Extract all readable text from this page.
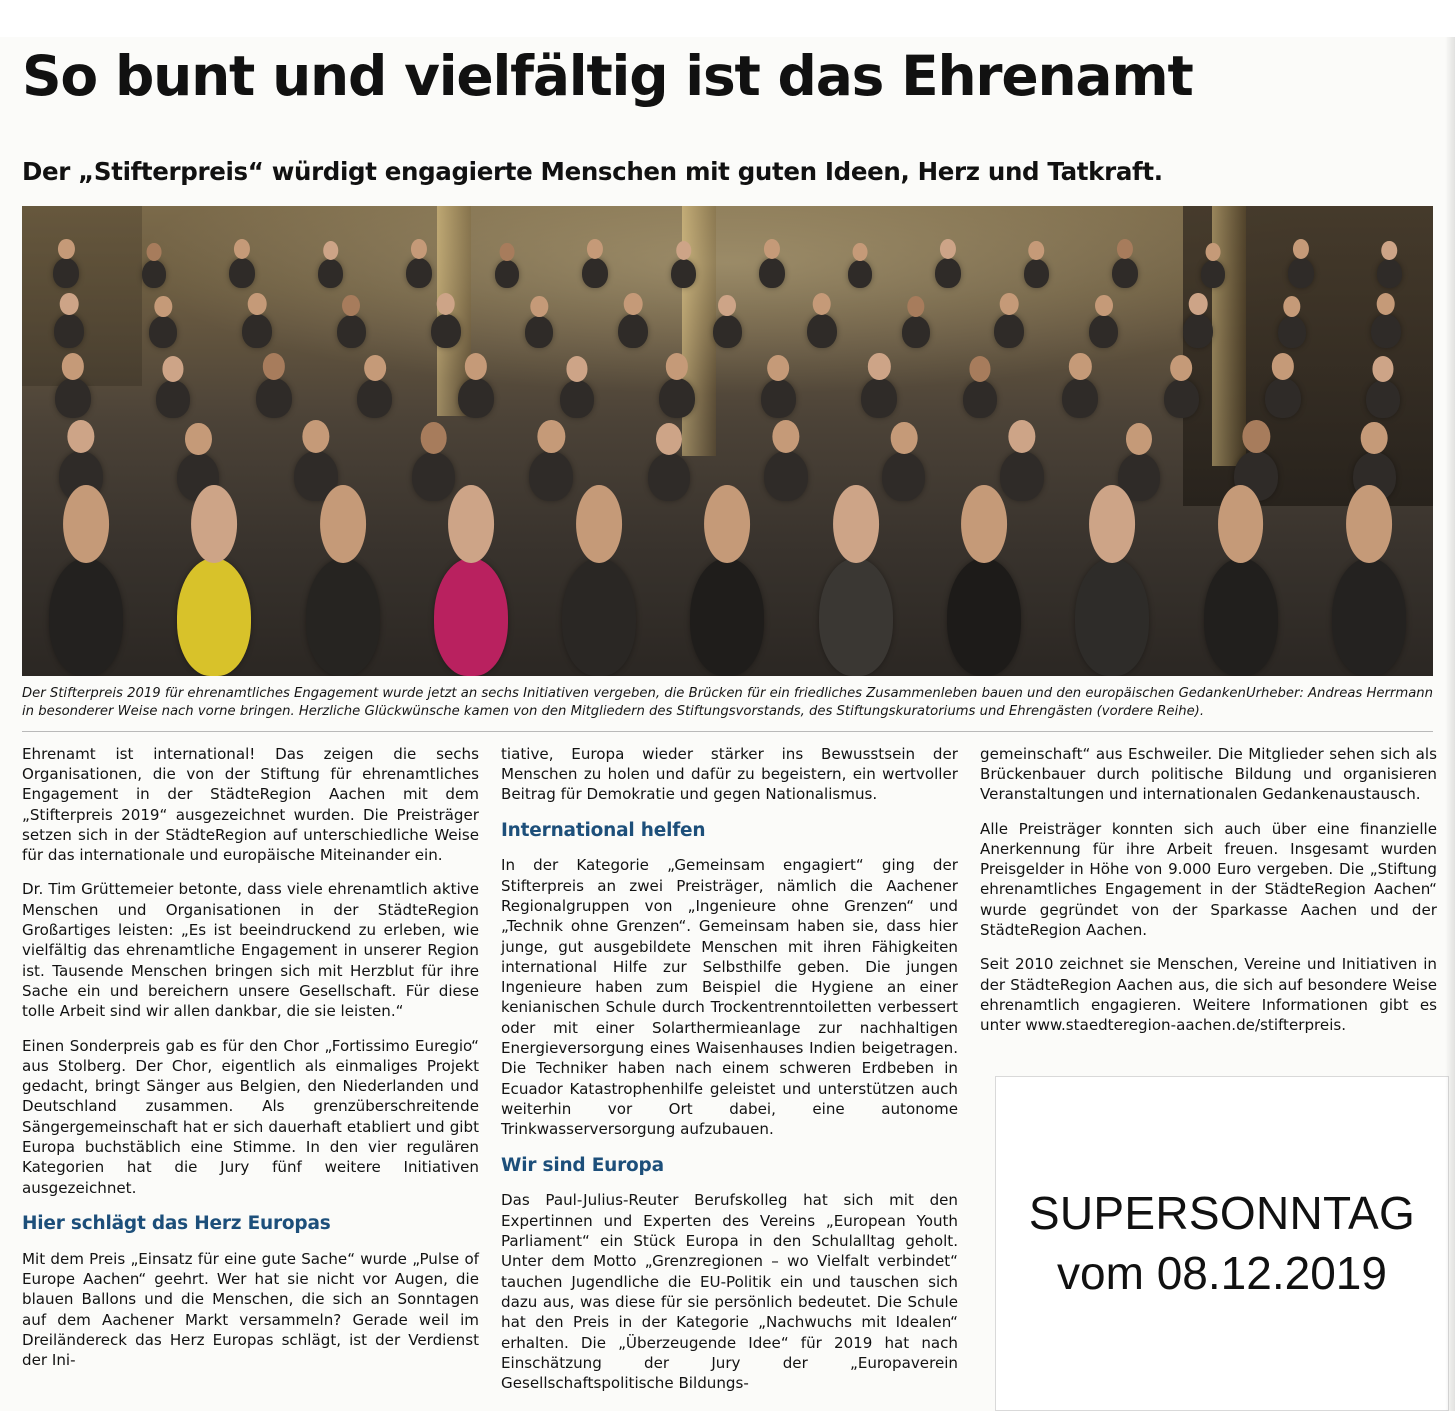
So bunt und vielfältig ist das Ehrenamt
Der „Stifterpreis“ würdigt engagierte Menschen mit guten Ideen, Herz und Tatkraft.
Urheber: Andreas Herrmann
Der Stifterpreis 2019 für ehrenamtliches Engagement wurde jetzt an sechs Initiativen vergeben, die Brücken für ein friedliches Zusammenleben bauen und den europäischen Gedanken in besonderer Weise nach vorne bringen. Herzliche Glückwünsche kamen von den Mitgliedern des Stiftungsvorstands, des Stiftungskuratoriums und Ehrengästen (vordere Reihe).

Ehrenamt ist international! Das zeigen die sechs Organisationen, die von der Stiftung für ehrenamtliches Engagement in der StädteRegion Aachen mit dem „Stifterpreis 2019“ ausgezeichnet wurden. Die Preisträger setzen sich in der StädteRegion auf unterschiedliche Weise für das internationale und europäische Miteinander ein.

Dr. Tim Grüttemeier betonte, dass viele ehrenamtlich aktive Menschen und Organisationen in der StädteRegion Großartiges leisten: „Es ist beeindruckend zu erleben, wie vielfältig das ehrenamtliche Engagement in unserer Region ist. Tausende Menschen bringen sich mit Herzblut für ihre Sache ein und bereichern unsere Gesellschaft. Für diese tolle Arbeit sind wir allen dankbar, die sie leisten.“

Einen Sonderpreis gab es für den Chor „Fortissimo Euregio“ aus Stolberg. Der Chor, eigentlich als einmaliges Projekt gedacht, bringt Sänger aus Belgien, den Niederlanden und Deutschland zusammen. Als grenzüberschreitende Sängergemeinschaft hat er sich dauerhaft etabliert und gibt Europa buchstäblich eine Stimme. In den vier regulären Kategorien hat die Jury fünf weitere Initiativen ausgezeichnet.

Hier schlägt das Herz Europas

Mit dem Preis „Einsatz für eine gute Sache“ wurde „Pulse of Europe Aachen“ geehrt. Wer hat sie nicht vor Augen, die blauen Ballons und die Menschen, die sich an Sonntagen auf dem Aachener Markt versammeln? Gerade weil im Dreiländereck das Herz Europas schlägt, ist der Verdienst der Ini-

tiative, Europa wieder stärker ins Bewusstsein der Menschen zu holen und dafür zu begeistern, ein wertvoller Beitrag für Demokratie und gegen Nationalismus.

International helfen

In der Kategorie „Gemeinsam engagiert“ ging der Stifterpreis an zwei Preisträger, nämlich die Aachener Regionalgruppen von „Ingenieure ohne Grenzen“ und „Technik ohne Grenzen“. Gemeinsam haben sie, dass hier junge, gut ausgebildete Menschen mit ihren Fähigkeiten international Hilfe zur Selbsthilfe geben. Die jungen Ingenieure haben zum Beispiel die Hygiene an einer kenianischen Schule durch Trockentrenntoiletten verbessert oder mit einer Solarthermieanlage zur nachhaltigen Energieversorgung eines Waisenhauses Indien beigetragen. Die Techniker haben nach einem schweren Erdbeben in Ecuador Katastrophenhilfe geleistet und unterstützen auch weiterhin vor Ort dabei, eine autonome Trinkwasserversorgung aufzubauen.

Wir sind Europa

Das Paul-Julius-Reuter Berufskolleg hat sich mit den Expertinnen und Experten des Vereins „European Youth Parliament“ ein Stück Europa in den Schulalltag geholt. Unter dem Motto „Grenzregionen – wo Vielfalt verbindet“ tauchen Jugendliche die EU-Politik ein und tauschen sich dazu aus, was diese für sie persönlich bedeutet. Die Schule hat den Preis in der Kategorie „Nachwuchs mit Idealen“ erhalten. Die „Überzeugende Idee“ für 2019 hat nach Einschätzung der Jury der „Europaverein Gesellschaftspolitische Bildungs-

gemeinschaft“ aus Eschweiler. Die Mitglieder sehen sich als Brückenbauer durch politische Bildung und organisieren Veranstaltungen und internationalen Gedankenaustausch.

Alle Preisträger konnten sich auch über eine finanzielle Anerkennung für ihre Arbeit freuen. Insgesamt wurden Preisgelder in Höhe von 9.000 Euro vergeben. Die „Stiftung ehrenamtliches Engagement in der StädteRegion Aachen“ wurde gegründet von der Sparkasse Aachen und der StädteRegion Aachen.

Seit 2010 zeichnet sie Menschen, Vereine und Initiativen in der StädteRegion Aachen aus, die sich auf besondere Weise ehrenamtlich engagieren. Weitere Informationen gibt es unter www.staedteregion-aachen.de/stifterpreis.

SUPERSONNTAG
vom 08.12.2019
